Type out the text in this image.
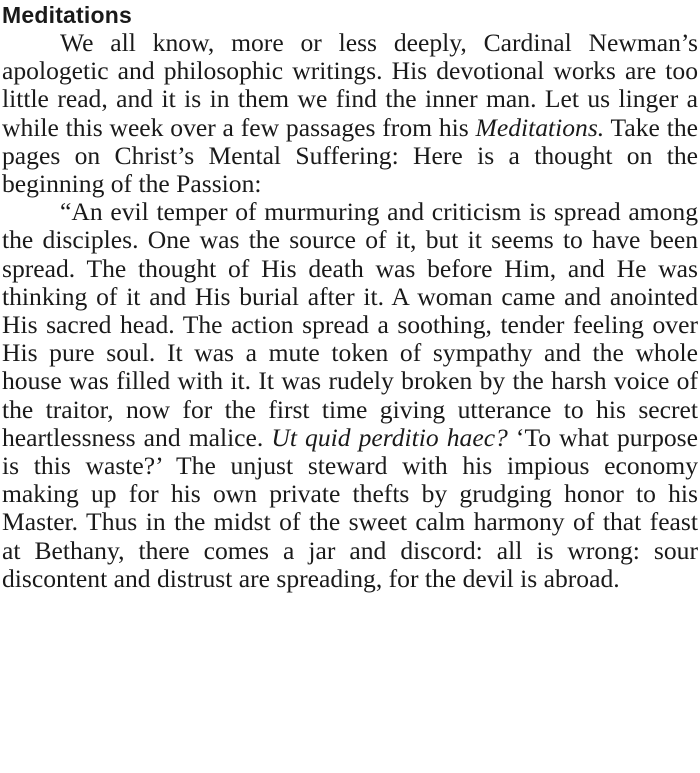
Meditations

We all know, more or less deeply, Cardinal Newman’s apologetic and philosophic writings. His devotional works are too little read, and it is in them we find the inner man. Let us linger a while this week over a few passages from his Meditations. Take the pages on Christ’s Mental Suffering: Here is a thought on the beginning of the Passion:

“An evil temper of murmuring and criticism is spread among the disciples. One was the source of it, but it seems to have been spread. The thought of His death was before Him, and He was thinking of it and His burial after it. A woman came and anointed His sacred head. The action spread a soothing, tender feeling over His pure soul. It was a mute token of sympathy and the whole house was filled with it. It was rudely broken by the harsh voice of the traitor, now for the first time giving utterance to his secret heartlessness and malice. Ut quid perditio haec? ‘To what purpose is this waste?’ The unjust steward with his impious economy making up for his own private thefts by grudging honor to his Master. Thus in the midst of the sweet calm harmony of that feast at Bethany, there comes a jar and discord: all is wrong: sour discontent and distrust are spreading, for the devil is abroad.
